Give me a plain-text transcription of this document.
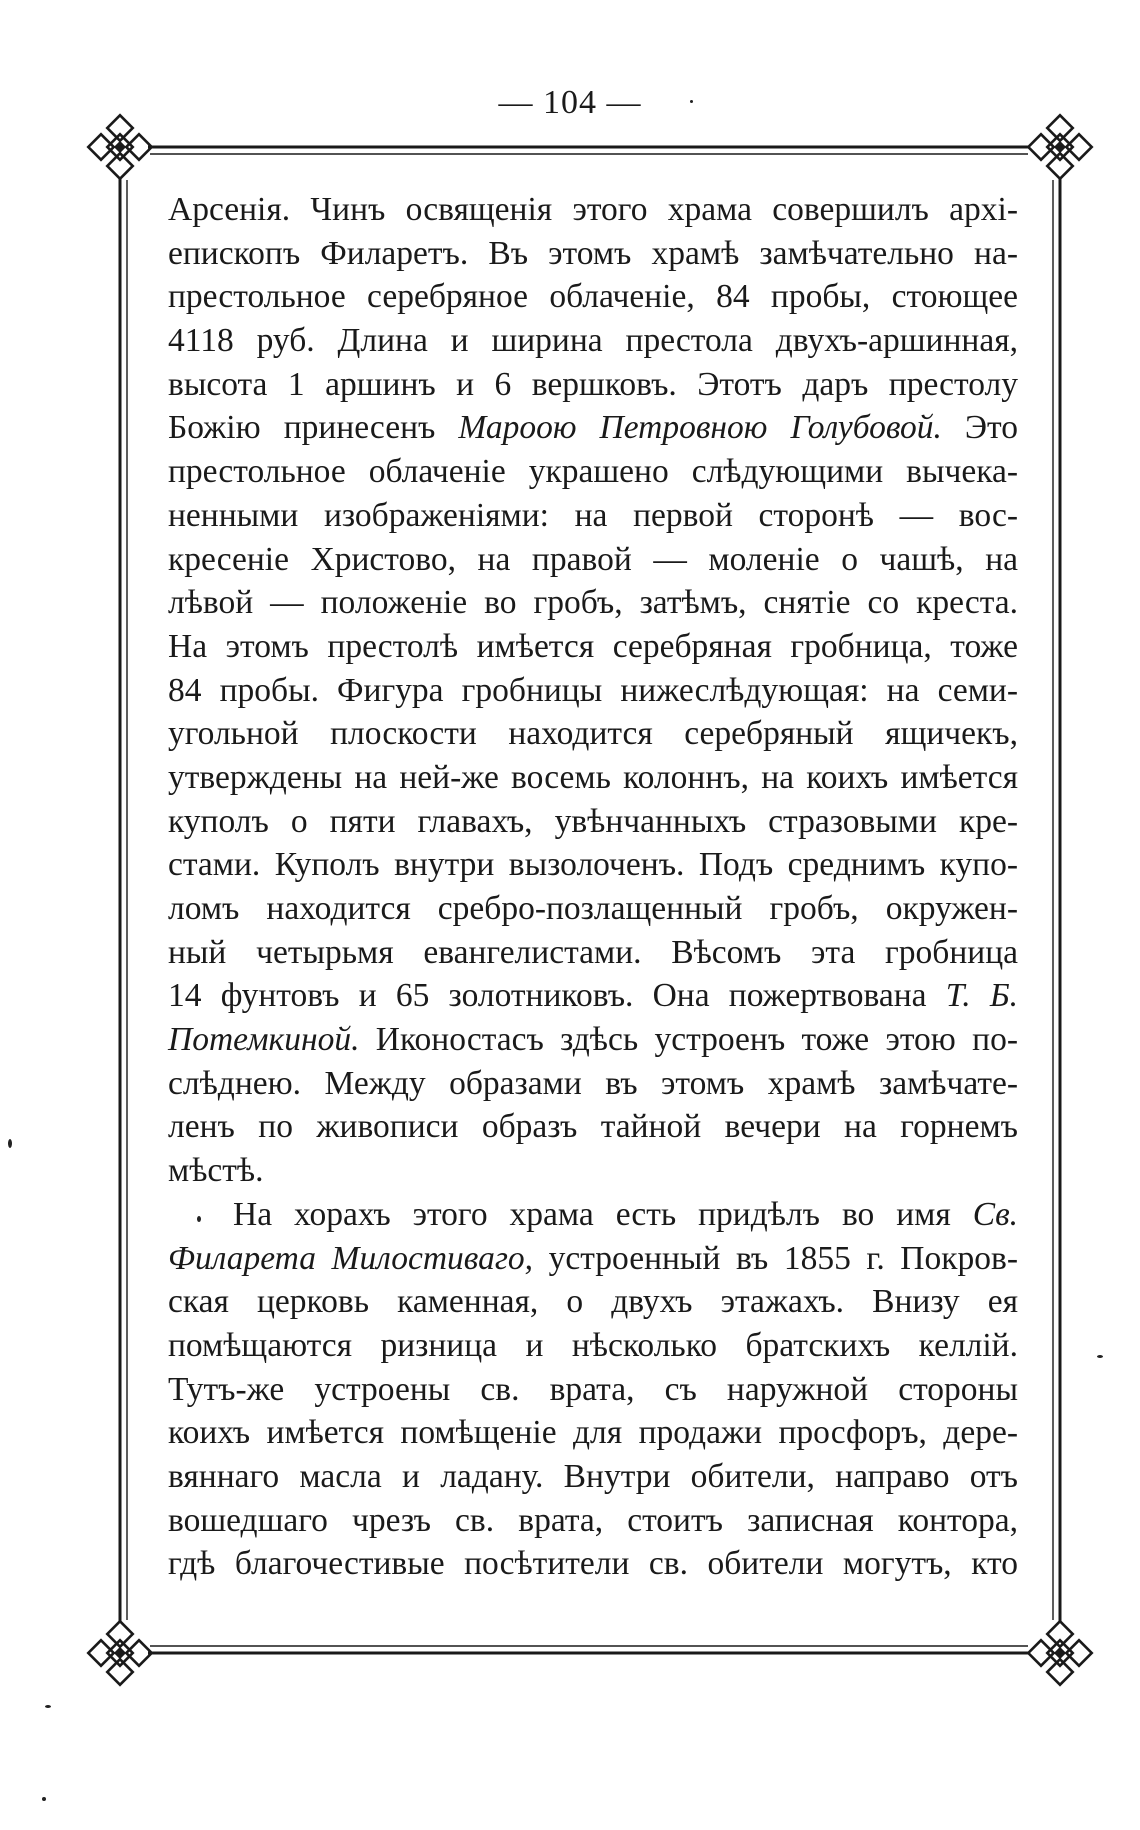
— 104 —
Арсенія. Чинъ освященія этого храма совершилъ архі-
епископъ Филаретъ. Въ этомъ храмѣ замѣчательно на-
престольное серебряное облаченіе, 84 пробы, стоющее
4118 руб. Длина и ширина престола двухъ-аршинная,
высота 1 аршинъ и 6 вершковъ. Этотъ даръ престолу
Божію принесенъ Мароою Петровною Голубовой. Это
престольное облаченіе украшено слѣдующими вычека-
ненными изображеніями: на первой сторонѣ — вос-
кресеніе Христово, на правой — моленіе о чашѣ, на
лѣвой — положеніе во гробъ, затѣмъ, снятіе со креста.
На этомъ престолѣ имѣется серебряная гробница, тоже
84 пробы. Фигура гробницы нижеслѣдующая: на семи-
угольной плоскости находится серебряный ящичекъ,
утверждены на ней-же восемь колоннъ, на коихъ имѣется
куполъ о пяти главахъ, увѣнчанныхъ стразовыми кре-
стами. Куполъ внутри вызолоченъ. Подъ среднимъ купо-
ломъ находится сребро-позлащенный гробъ, окружен-
ный четырьмя евангелистами. Вѣсомъ эта гробница
14 фунтовъ и 65 золотниковъ. Она пожертвована Т. Б.
Потемкиной. Иконостасъ здѣсь устроенъ тоже этою по-
слѣднею. Между образами въ этомъ храмѣ замѣчате-
ленъ по живописи образъ тайной вечери на горнемъ
мѣстѣ.
На хорахъ этого храма есть придѣлъ во имя Св.
Филарета Милостиваго, устроенный въ 1855 г. Покров-
ская церковь каменная, о двухъ этажахъ. Внизу ея
помѣщаются ризница и нѣсколько братскихъ келлій.
Тутъ-же устроены св. врата, съ наружной стороны
коихъ имѣется помѣщеніе для продажи просфоръ, дере-
вяннаго масла и ладану. Внутри обители, направо отъ
вошедшаго чрезъ св. врата, стоитъ записная контора,
гдѣ благочестивые посѣтители св. обители могутъ, кто
